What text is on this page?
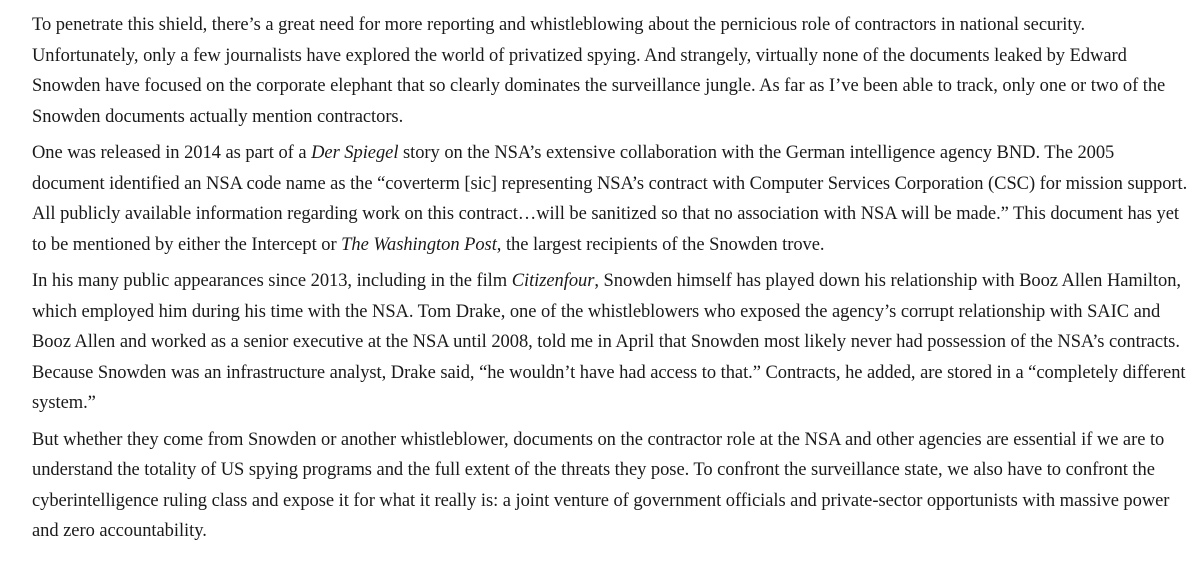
To penetrate this shield, there’s a great need for more reporting and whistleblowing about the pernicious role of contractors in national security. Unfortunately, only a few journalists have explored the world of privatized spying. And strangely, virtually none of the documents leaked by Edward Snowden have focused on the corporate elephant that so clearly dominates the surveillance jungle. As far as I’ve been able to track, only one or two of the Snowden documents actually mention contractors.

One was released in 2014 as part of a Der Spiegel story on the NSA’s extensive collaboration with the German intelligence agency BND. The 2005 document identified an NSA code name as the “coverterm [sic] representing NSA’s contract with Computer Services Corporation (CSC) for mission support. All publicly available information regarding work on this contract…will be sanitized so that no association with NSA will be made.” This document has yet to be mentioned by either the Intercept or The Washington Post, the largest recipients of the Snowden trove.

In his many public appearances since 2013, including in the film Citizenfour, Snowden himself has played down his relationship with Booz Allen Hamilton, which employed him during his time with the NSA. Tom Drake, one of the whistleblowers who exposed the agency’s corrupt relationship with SAIC and Booz Allen and worked as a senior executive at the NSA until 2008, told me in April that Snowden most likely never had possession of the NSA’s contracts. Because Snowden was an infrastructure analyst, Drake said, “he wouldn’t have had access to that.” Contracts, he added, are stored in a “completely different system.”

But whether they come from Snowden or another whistleblower, documents on the contractor role at the NSA and other agencies are essential if we are to understand the totality of US spying programs and the full extent of the threats they pose. To confront the surveillance state, we also have to confront the cyberintelligence ruling class and expose it for what it really is: a joint venture of government officials and private-sector opportunists with massive power and zero accountability.
